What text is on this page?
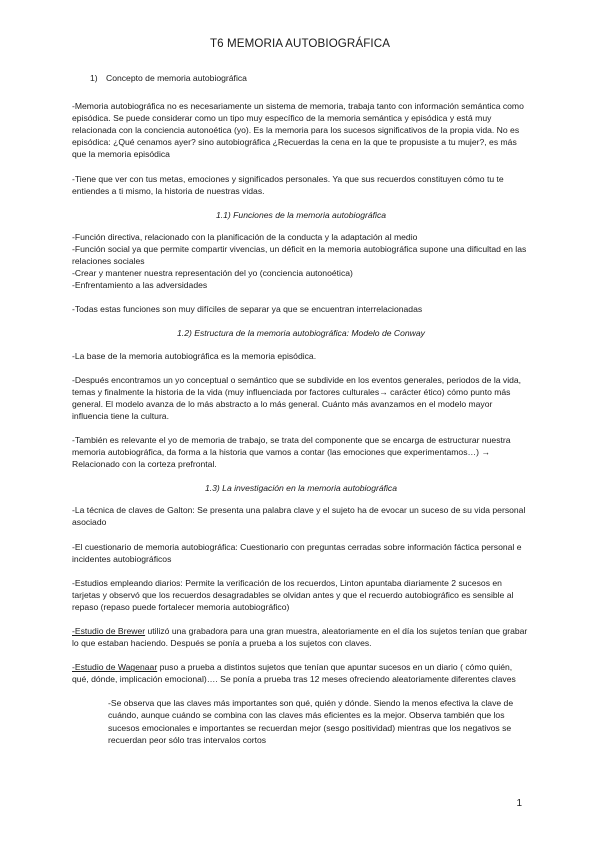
T6 MEMORIA AUTOBIOGRÁFICA
1) Concepto de memoria autobiográfica

-Memoria autobiográfica no es necesariamente un sistema de memoria, trabaja tanto con información semántica como episódica. Se puede considerar como un tipo muy específico de la memoria semántica y episódica y está muy relacionada con la conciencia autonoética (yo). Es la memoria para los sucesos significativos de la propia vida. No es episódica: ¿Qué cenamos ayer? sino autobiográfica ¿Recuerdas la cena en la que te propusiste a tu mujer?, es más que la memoria episódica

-Tiene que ver con tus metas, emociones y significados personales. Ya que sus recuerdos constituyen cómo tu te entiendes a ti mismo, la historia de nuestras vidas.

1.1) Funciones de la memoria autobiográfica
-Función directiva, relacionado con la planificación de la conducta y la adaptación al medio
-Función social ya que permite compartir vivencias, un déficit en la memoria autobiográfica supone una dificultad en las relaciones sociales
-Crear y mantener nuestra representación del yo (conciencia autonoética)
-Enfrentamiento a las adversidades

-Todas estas funciones son muy difíciles de separar ya que se encuentran interrelacionadas

1.2) Estructura de la memoria autobiográfica: Modelo de Conway

-La base de la memoria autobiográfica es la memoria episódica.

-Después encontramos un yo conceptual o semántico que se subdivide en los eventos generales, periodos de la vida, temas y finalmente la historia de la vida (muy influenciada por factores culturales→ carácter ético) cómo punto más general. El modelo avanza de lo más abstracto a lo más general. Cuánto más avanzamos en el modelo mayor influencia tiene la cultura.

-También es relevante el yo de memoria de trabajo, se trata del componente que se encarga de estructurar nuestra memoria autobiográfica, da forma a la historia que vamos a contar (las emociones que experimentamos…) → Relacionado con la corteza prefrontal.

1.3) La investigación en la memoria autobiográfica

-La técnica de claves de Galton: Se presenta una palabra clave y el sujeto ha de evocar un suceso de su vida personal asociado

-El cuestionario de memoria autobiográfica: Cuestionario con preguntas cerradas sobre información fáctica personal e incidentes autobiográficos

-Estudios empleando diarios: Permite la verificación de los recuerdos, Linton apuntaba diariamente 2 sucesos en tarjetas y observó que los recuerdos desagradables se olvidan antes y que el recuerdo autobiográfico es sensible al repaso (repaso puede fortalecer memoria autobiográfico)

-Estudio de Brewer utilizó una grabadora para una gran muestra, aleatoriamente en el día los sujetos tenían que grabar lo que estaban haciendo. Después se ponía a prueba a los sujetos con claves.

-Estudio de Wagenaar puso a prueba a distintos sujetos que tenían que apuntar sucesos en un diario ( cómo quién, qué, dónde, implicación emocional)…. Se ponía a prueba tras 12 meses ofreciendo aleatoriamente diferentes claves

-Se observa que las claves más importantes son qué, quién y dónde. Siendo la menos efectiva la clave de cuándo, aunque cuándo se combina con las claves más eficientes es la mejor. Observa también que los sucesos emocionales e importantes se recuerdan mejor (sesgo positividad) mientras que los negativos se recuerdan peor sólo tras intervalos cortos

1
